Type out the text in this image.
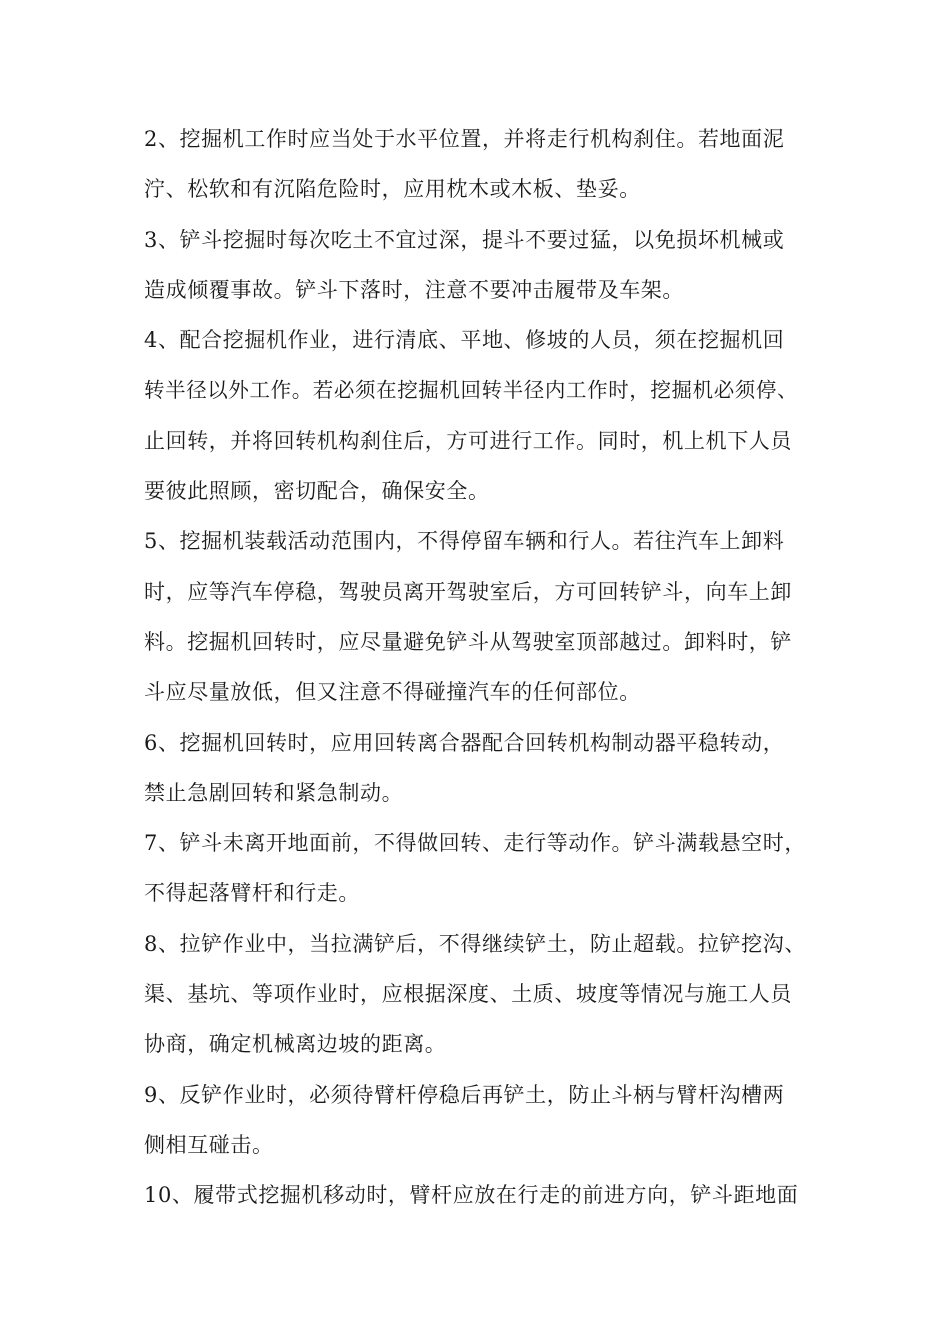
2、挖掘机工作时应当处于水平位置，并将走行机构刹住。若地面泥
泞、松软和有沉陷危险时，应用枕木或木板、垫妥。

3、铲斗挖掘时每次吃土不宜过深，提斗不要过猛，以免损坏机械或
造成倾覆事故。铲斗下落时，注意不要冲击履带及车架。

4、配合挖掘机作业，进行清底、平地、修坡的人员，须在挖掘机回
转半径以外工作。若必须在挖掘机回转半径内工作时，挖掘机必须停、
止回转，并将回转机构刹住后，方可进行工作。同时，机上机下人员
要彼此照顾，密切配合，确保安全。

5、挖掘机装载活动范围内，不得停留车辆和行人。若往汽车上卸料
时，应等汽车停稳，驾驶员离开驾驶室后，方可回转铲斗，向车上卸
料。挖掘机回转时，应尽量避免铲斗从驾驶室顶部越过。卸料时，铲
斗应尽量放低，但又注意不得碰撞汽车的任何部位。

6、挖掘机回转时，应用回转离合器配合回转机构制动器平稳转动，
禁止急剧回转和紧急制动。

7、铲斗未离开地面前，不得做回转、走行等动作。铲斗满载悬空时，
不得起落臂杆和行走。

8、拉铲作业中，当拉满铲后，不得继续铲土，防止超载。拉铲挖沟、
渠、基坑、等项作业时，应根据深度、土质、坡度等情况与施工人员
协商，确定机械离边坡的距离。

9、反铲作业时，必须待臂杆停稳后再铲土，防止斗柄与臂杆沟槽两
侧相互碰击。

10、履带式挖掘机移动时，臂杆应放在行走的前进方向，铲斗距地面
